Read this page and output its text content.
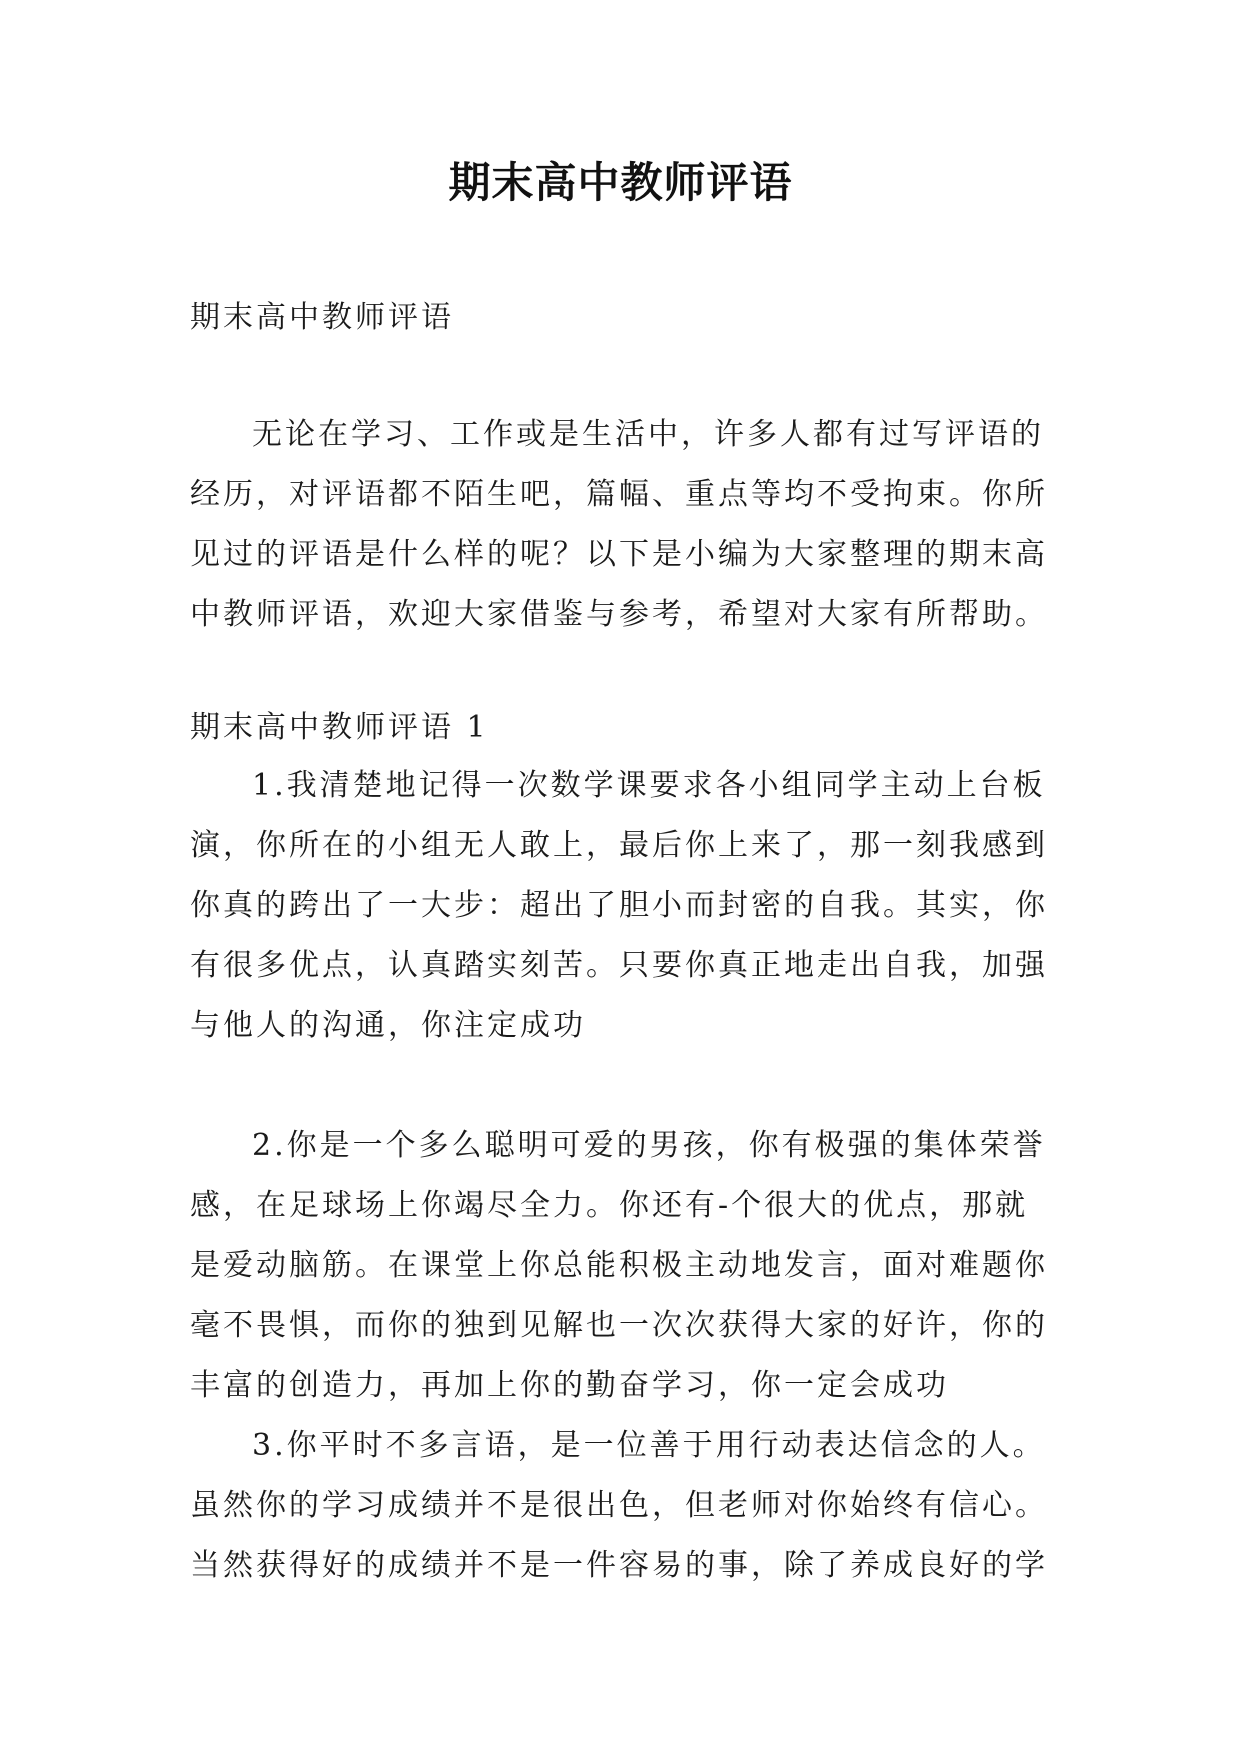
期末高中教师评语
期末高中教师评语

无论在学习、工作或是生活中，许多人都有过写评语的经历，对评语都不陌生吧，篇幅、重点等均不受拘束。你所见过的评语是什么样的呢？以下是小编为大家整理的期末高中教师评语，欢迎大家借鉴与参考，希望对大家有所帮助。

期末高中教师评语 1

1.我清楚地记得一次数学课要求各小组同学主动上台板演，你所在的小组无人敢上，最后你上来了，那一刻我感到你真的跨出了一大步：超出了胆小而封密的自我。其实，你有很多优点，认真踏实刻苦。只要你真正地走出自我，加强与他人的沟通，你注定成功

2.你是一个多么聪明可爱的男孩，你有极强的集体荣誉感，在足球场上你竭尽全力。你还有-个很大的优点，那就是爱动脑筋。在课堂上你总能积极主动地发言，面对难题你毫不畏惧，而你的独到见解也一次次获得大家的好许，你的丰富的创造力，再加上你的勤奋学习，你一定会成功

3.你平时不多言语，是一位善于用行动表达信念的人。虽然你的学习成绩并不是很出色，但老师对你始终有信心。当然获得好的成绩并不是一件容易的事，除了养成良好的学
